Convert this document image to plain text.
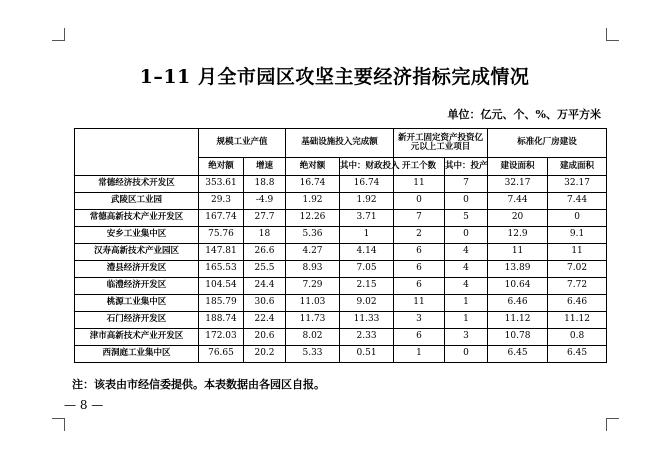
1–11 月全市园区攻坚主要经济指标完成情况
单位：亿元、个、%、万平方米
	规模工业产值		基础设施投入完成额		新开工固定资产投资亿元以上工业项目		标准化厂房建设	
	绝对额	增速	绝对额	其中：财政投入	开工个数	其中：投产	建设面积	建成面积
常德经济技术开发区	353.61	18.8	16.74	16.74	11	7	32.17	32.17
武陵区工业园	29.3	-4.9	1.92	1.92	0	0	7.44	7.44
常德高新技术产业开发区	167.74	27.7	12.26	3.71	7	5	20	0
安乡工业集中区	75.76	18	5.36	1	2	0	12.9	9.1
汉寿高新技术产业园区	147.81	26.6	4.27	4.14	6	4	11	11
澧县经济开发区	165.53	25.5	8.93	7.05	6	4	13.89	7.02
临澧经济开发区	104.54	24.4	7.29	2.15	6	4	10.64	7.72
桃源工业集中区	185.79	30.6	11.03	9.02	11	1	6.46	6.46
石门经济开发区	188.74	22.4	11.73	11.33	3	1	11.12	11.12
津市高新技术产业开发区	172.03	20.6	8.02	2.33	6	3	10.78	0.8
西洞庭工业集中区	76.65	20.2	5.33	0.51	1	0	6.45	6.45
注：该表由市经信委提供。本表数据由各园区自报。
— 8 —
